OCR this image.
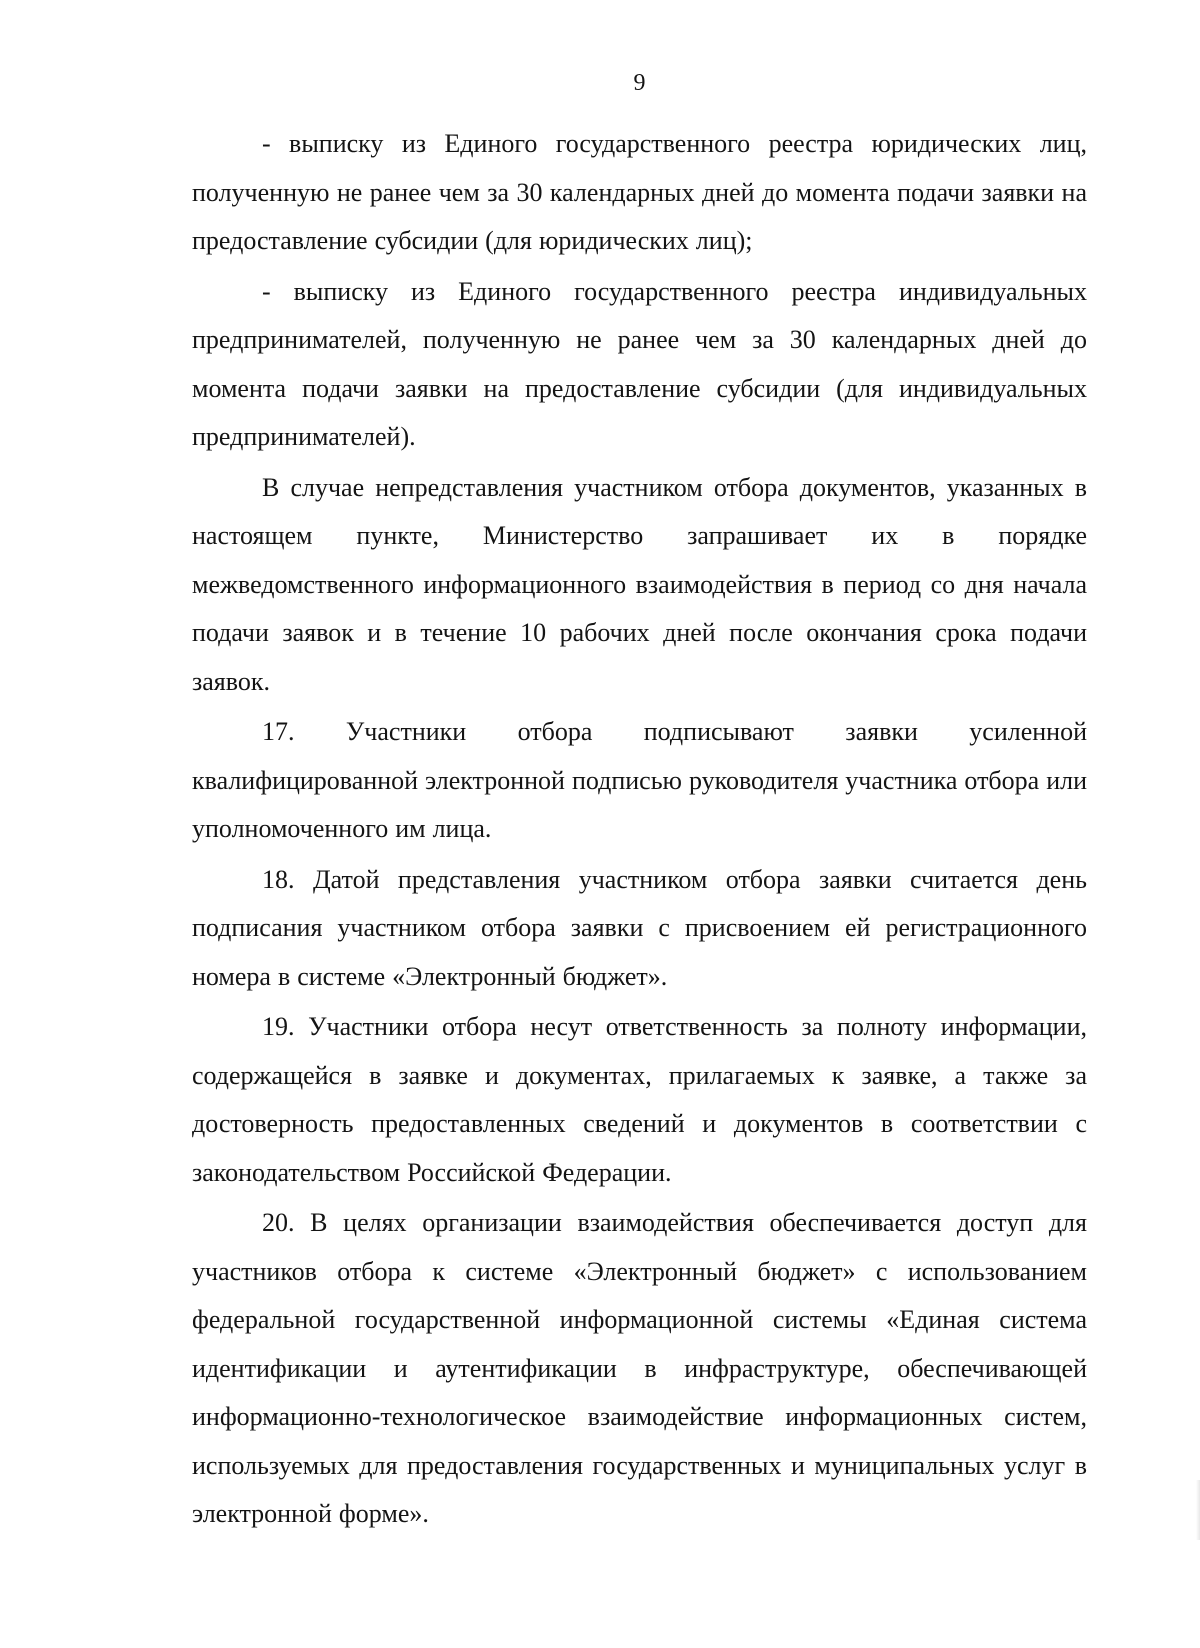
9

- выписку из Единого государственного реестра юридических лиц, полученную не ранее чем за 30 календарных дней до момента подачи заявки на предоставление субсидии (для юридических лиц);

- выписку из Единого государственного реестра индивидуальных предпринимателей, полученную не ранее чем за 30 календарных дней до момента подачи заявки на предоставление субсидии (для индивидуальных предпринимателей).

В случае непредставления участником отбора документов, указанных в настоящем пункте, Министерство запрашивает их в порядке межведомственного информационного взаимодействия в период со дня начала подачи заявок и в течение 10 рабочих дней после окончания срока подачи заявок.

17. Участники отбора подписывают заявки усиленной квалифицированной электронной подписью руководителя участника отбора или уполномоченного им лица.

18. Датой представления участником отбора заявки считается день подписания участником отбора заявки с присвоением ей регистрационного номера в системе «Электронный бюджет».

19. Участники отбора несут ответственность за полноту информации, содержащейся в заявке и документах, прилагаемых к заявке, а также за достоверность предоставленных сведений и документов в соответствии с законодательством Российской Федерации.

20. В целях организации взаимодействия обеспечивается доступ для участников отбора к системе «Электронный бюджет» с использованием федеральной государственной информационной системы «Единая система идентификации и аутентификации в инфраструктуре, обеспечивающей информационно-технологическое взаимодействие информационных систем, используемых для предоставления государственных и муниципальных услуг в электронной форме».
